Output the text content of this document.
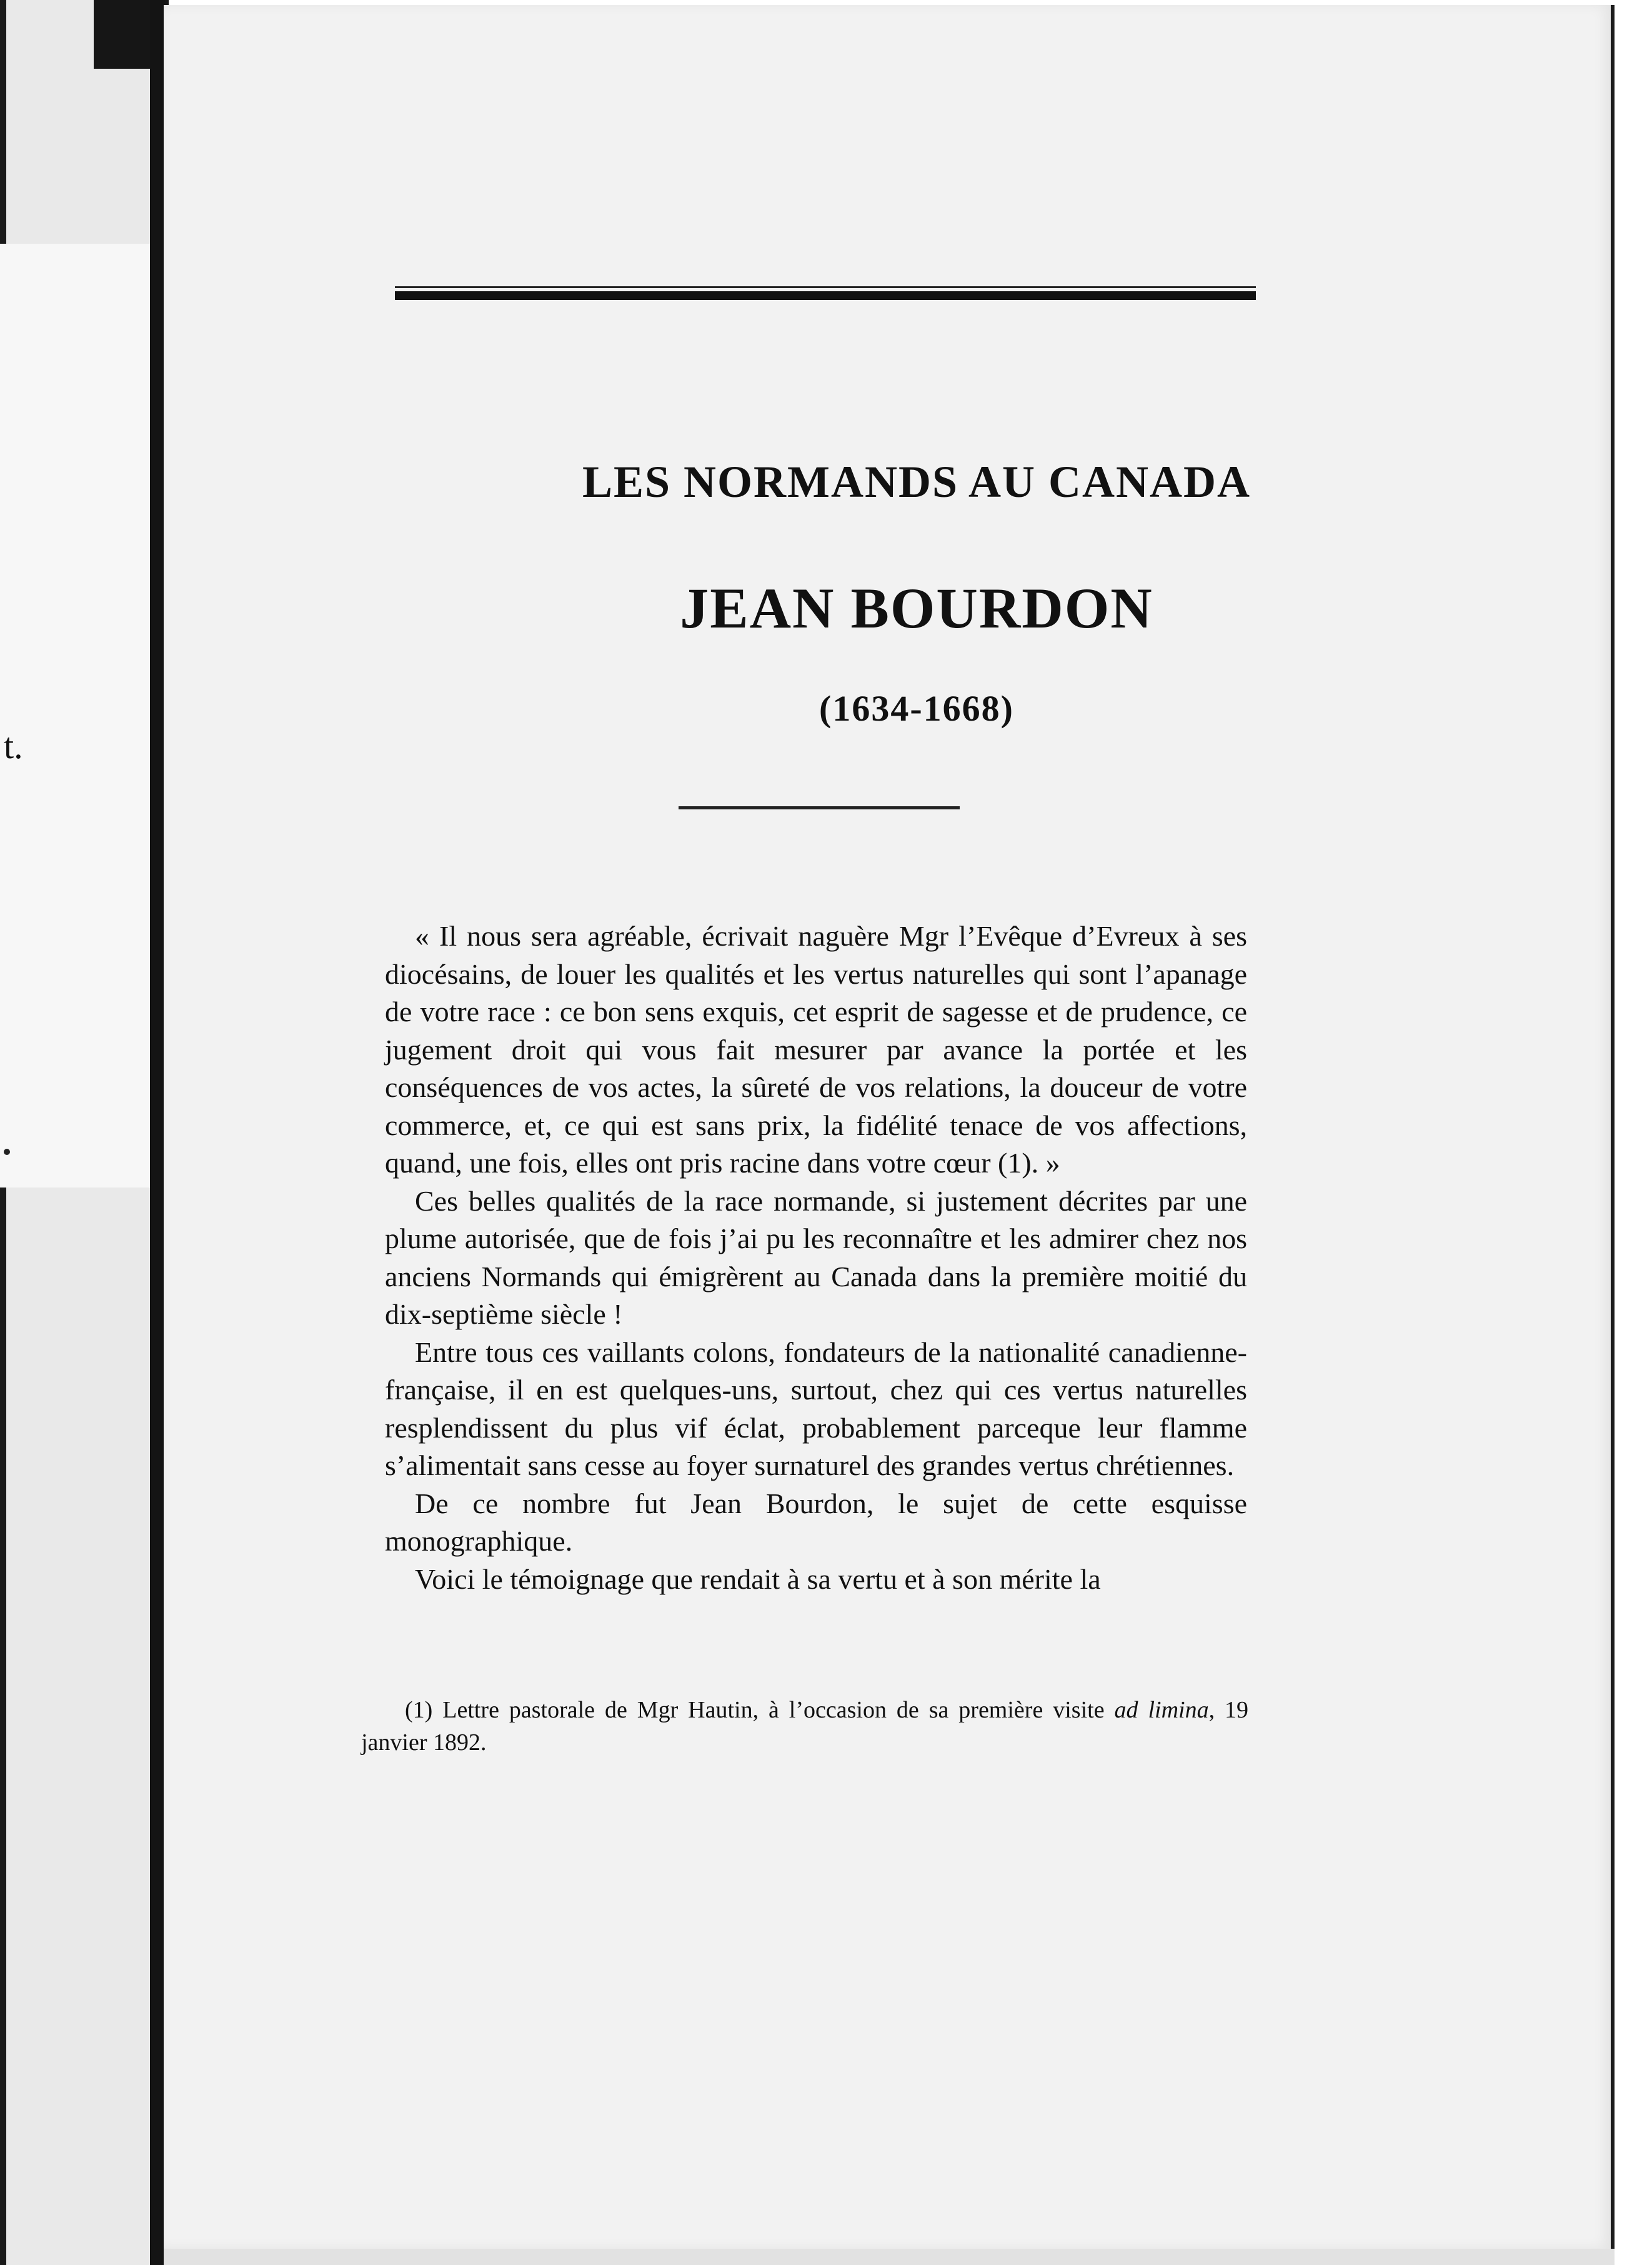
t.
LES NORMANDS AU CANADA
JEAN BOURDON
(1634-1668)

« Il nous sera agréable, écrivait naguère Mgr l’Evêque d’Evreux à ses diocésains, de louer les qualités et les vertus naturelles qui sont l’apanage de votre race : ce bon sens exquis, cet esprit de sagesse et de prudence, ce jugement droit qui vous fait mesurer par avance la portée et les conséquences de vos actes, la sûreté de vos relations, la douceur de votre commerce, et, ce qui est sans prix, la fidélité tenace de vos affections, quand, une fois, elles ont pris racine dans votre cœur (1). »

Ces belles qualités de la race normande, si justement décrites par une plume autorisée, que de fois j’ai pu les reconnaître et les admirer chez nos anciens Normands qui émigrèrent au Canada dans la première moitié du dix-septième siècle !

Entre tous ces vaillants colons, fondateurs de la nationalité canadienne-française, il en est quelques-uns, surtout, chez qui ces vertus naturelles resplendissent du plus vif éclat, probablement parceque leur flamme s’alimentait sans cesse au foyer surnaturel des grandes vertus chrétiennes.

De ce nombre fut Jean Bourdon, le sujet de cette esquisse monographique.

Voici le témoignage que rendait à sa vertu et à son mérite la

(1) Lettre pastorale de Mgr Hautin, à l’occasion de sa première visite ad limina, 19 janvier 1892.
